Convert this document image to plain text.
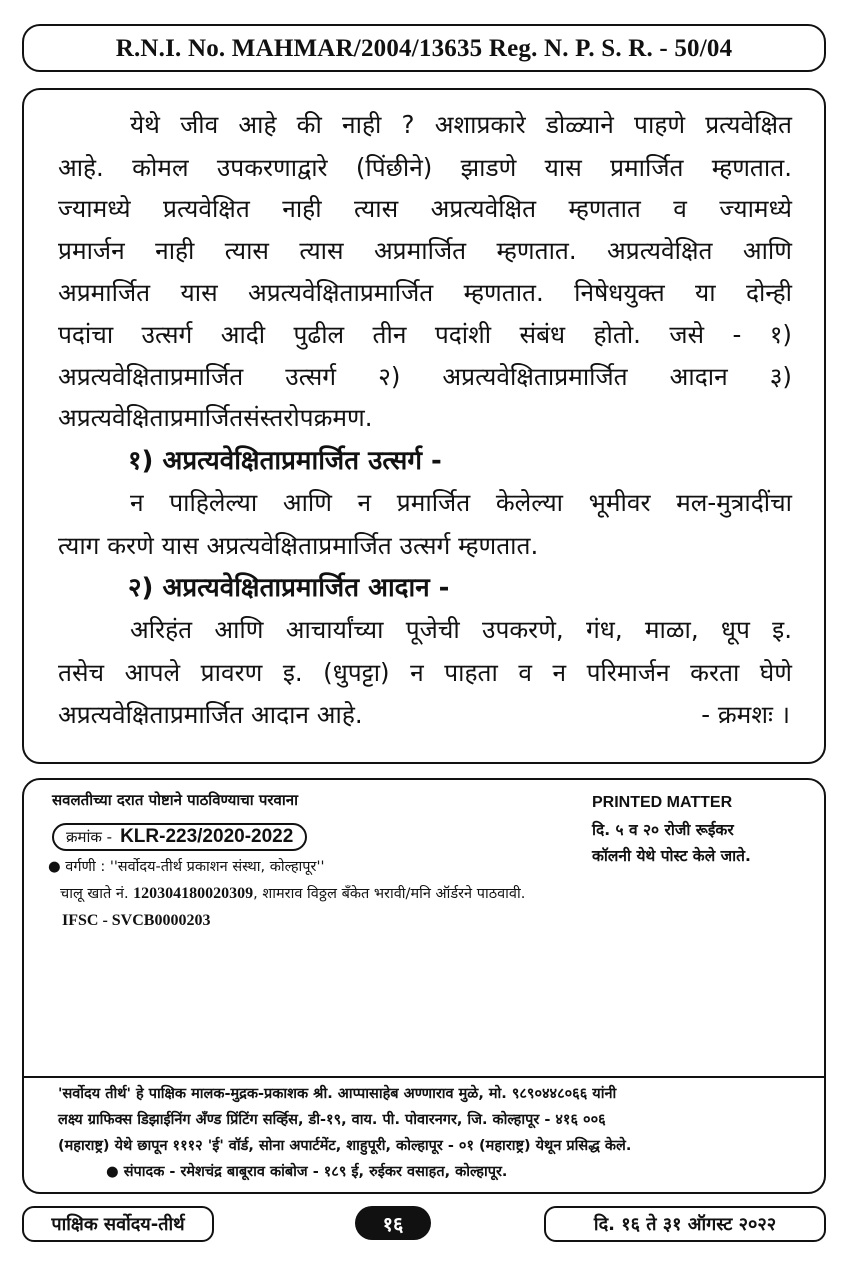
R.N.I. No. MAHMAR/2004/13635 Reg. N. P. S. R. - 50/04
येथे जीव आहे की नाही ? अशाप्रकारे डोळ्याने पाहणे प्रत्यवेक्षित
आहे. कोमल उपकरणाद्वारे (पिंछीने) झाडणे यास प्रमार्जित म्हणतात.
ज्यामध्ये प्रत्यवेक्षित नाही त्यास अप्रत्यवेक्षित म्हणतात व ज्यामध्ये
प्रमार्जन नाही त्यास त्यास अप्रमार्जित म्हणतात. अप्रत्यवेक्षित आणि
अप्रमार्जित यास अप्रत्यवेक्षिताप्रमार्जित म्हणतात. निषेधयुक्त या दोन्ही
पदांचा उत्सर्ग आदी पुढील तीन पदांशी संबंध होतो. जसे - १)
अप्रत्यवेक्षिताप्रमार्जित उत्सर्ग २) अप्रत्यवेक्षिताप्रमार्जित आदान ३)
अप्रत्यवेक्षिताप्रमार्जितसंस्तरोपक्रमण.
१) अप्रत्यवेक्षिताप्रमार्जित उत्सर्ग -
न पाहिलेल्या आणि न प्रमार्जित केलेल्या भूमीवर मल-मुत्रादींचा
त्याग करणे यास अप्रत्यवेक्षिताप्रमार्जित उत्सर्ग म्हणतात.
२) अप्रत्यवेक्षिताप्रमार्जित आदान -
अरिहंत आणि आचार्यांच्या पूजेची उपकरणे, गंध, माळा, धूप इ.
तसेच आपले प्रावरण इ. (धुपट्टा) न पाहता व न परिमार्जन करता घेणे
अप्रत्यवेक्षिताप्रमार्जित आदान आहे.	- क्रमशः ।
सवलतीच्या दरात पोष्टाने पाठविण्याचा परवाना
क्रमांक - KLR-223/2020-2022
● वर्गणी : ''सर्वोदय-तीर्थ प्रकाशन संस्था, कोल्हापूर''
चालू खाते नं. 120304180020309, शामराव विठ्ठल बँकेत भरावी/मनि ऑर्डरने पाठवावी.
IFSC - SVCB0000203
PRINTED MATTER
दि. ५ व २० रोजी रूईकर
कॉलनी येथे पोस्ट केले जाते.
'सर्वोदय तीर्थ' हे पाक्षिक मालक-मुद्रक-प्रकाशक श्री. आप्पासाहेब अण्णाराव मुळे, मो. ९८९०४४८०६६ यांनी
लक्ष्य ग्राफिक्स डिझाईनिंग अँण्ड प्रिंटिंग सर्व्हिस, डी-१९, वाय. पी. पोवारनगर, जि. कोल्हापूर - ४१६ ००६
(महाराष्ट्र) येथे छापून १११२ 'ई' वॉर्ड, सोना अपार्टमेंट, शाहुपूरी, कोल्हापूर - ०१ (महाराष्ट्र) येथून प्रसिद्ध केले.
● संपादक - रमेशचंद्र बाबूराव कांबोज - १८९ ई, रुईकर वसाहत, कोल्हापूर.
पाक्षिक सर्वोदय-तीर्थ	१६	दि. १६ ते ३१ ऑगस्ट २०२२
